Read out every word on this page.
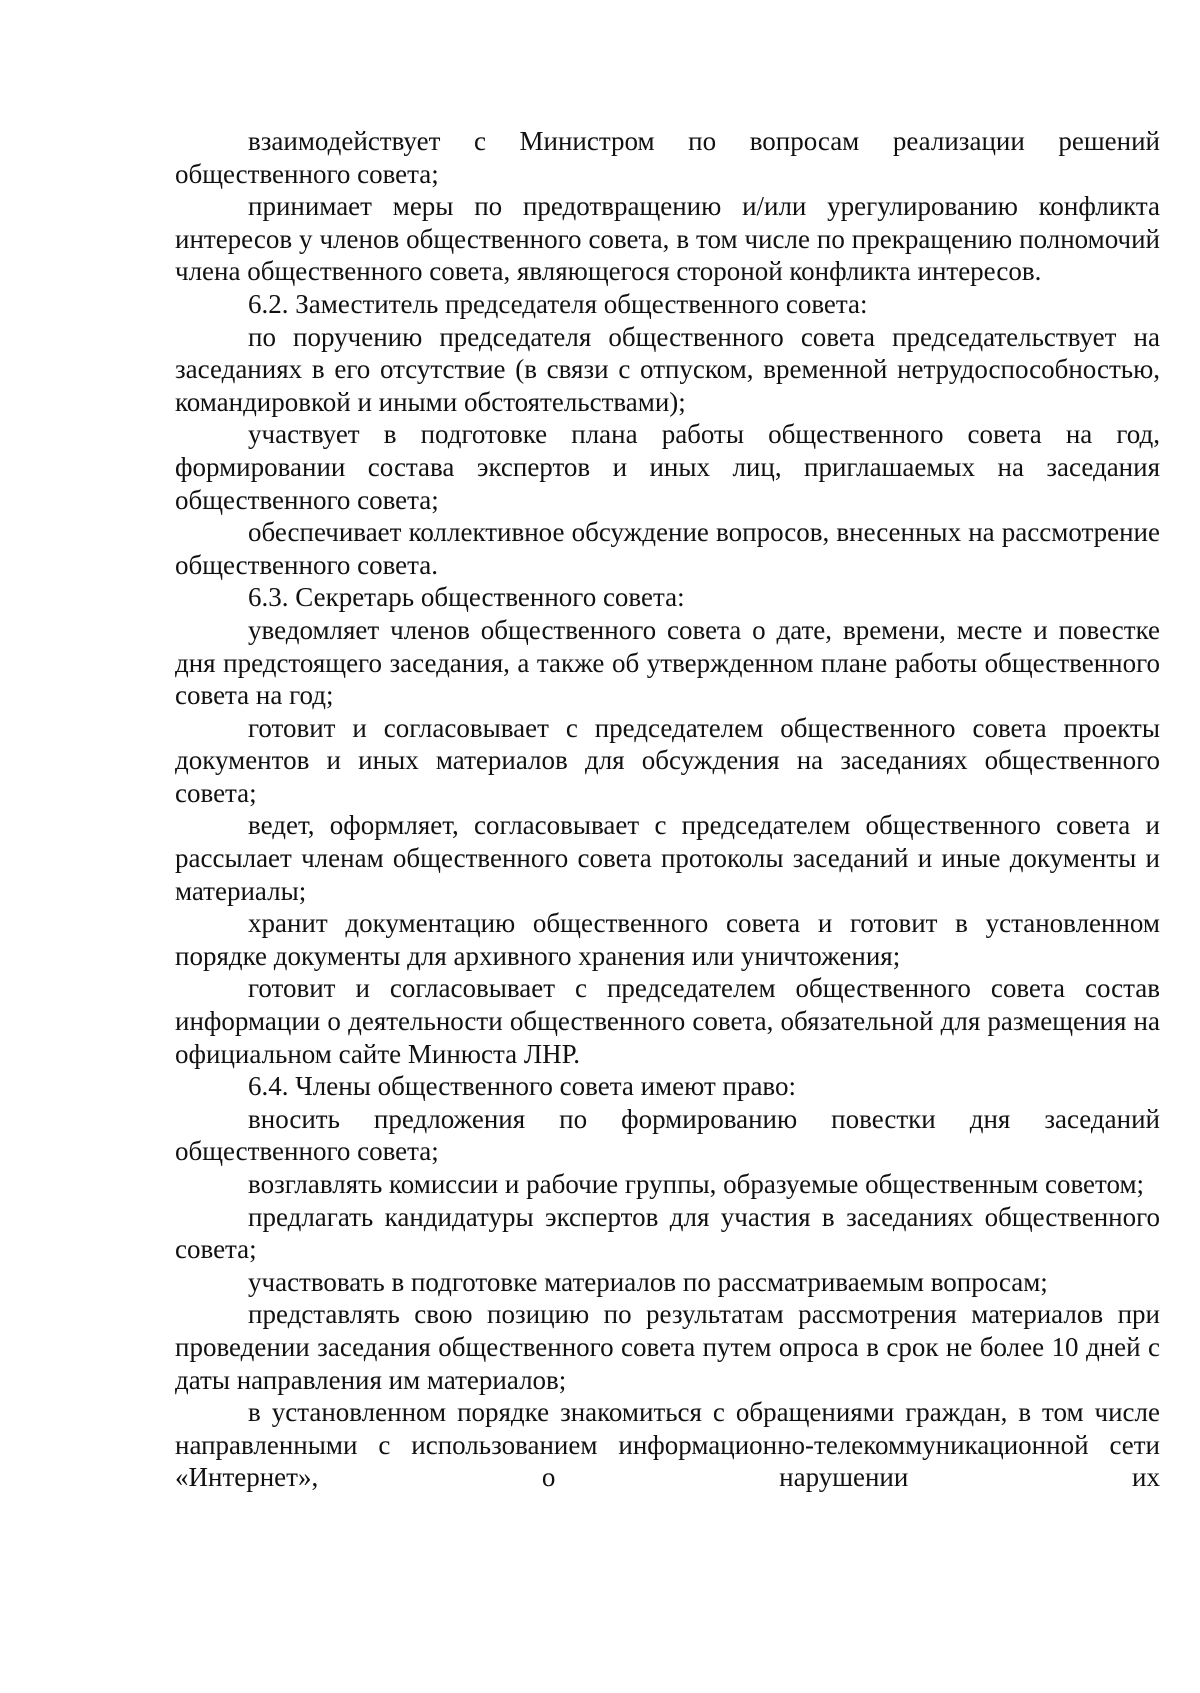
взаимодействует с Министром по вопросам реализации решений общественного совета;

принимает меры по предотвращению и/или урегулированию конфликта интересов у членов общественного совета, в том числе по прекращению полномочий члена общественного совета, являющегося стороной конфликта интересов.

6.2. Заместитель председателя общественного совета:

по поручению председателя общественного совета председательствует на заседаниях в его отсутствие (в связи с отпуском, временной нетрудоспособностью, командировкой и иными обстоятельствами);

участвует в подготовке плана работы общественного совета на год, формировании состава экспертов и иных лиц, приглашаемых на заседания общественного совета;

обеспечивает коллективное обсуждение вопросов, внесенных на рассмотрение общественного совета.

6.3. Секретарь общественного совета:

уведомляет членов общественного совета о дате, времени, месте и повестке дня предстоящего заседания, а также об утвержденном плане работы общественного совета на год;

готовит и согласовывает с председателем общественного совета проекты документов и иных материалов для обсуждения на заседаниях общественного совета;

ведет, оформляет, согласовывает с председателем общественного совета и рассылает членам общественного совета протоколы заседаний и иные документы и материалы;

хранит документацию общественного совета и готовит в установленном порядке документы для архивного хранения или уничтожения;

готовит и согласовывает с председателем общественного совета состав информации о деятельности общественного совета, обязательной для размещения на официальном сайте Минюста ЛНР.

6.4. Члены общественного совета имеют право:

вносить предложения по формированию повестки дня заседаний общественного совета;

возглавлять комиссии и рабочие группы, образуемые общественным советом;

предлагать кандидатуры экспертов для участия в заседаниях общественного совета;

участвовать в подготовке материалов по рассматриваемым вопросам;

представлять свою позицию по результатам рассмотрения материалов при проведении заседания общественного совета путем опроса в срок не более 10 дней с даты направления им материалов;

в установленном порядке знакомиться с обращениями граждан, в том числе направленными с использованием информационно-телекоммуникационной сети «Интернет», о нарушении их
